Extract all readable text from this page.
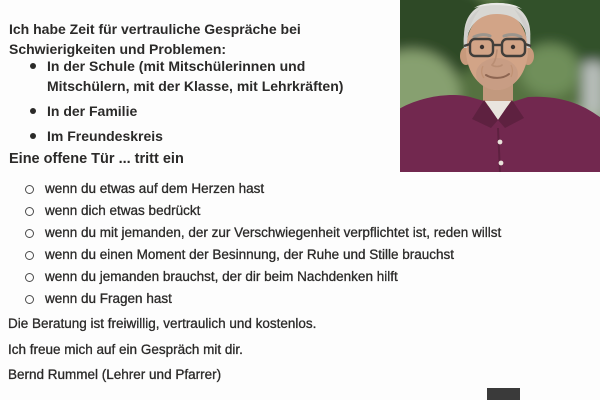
Ich habe Zeit für vertrauliche Gespräche bei Schwierigkeiten und Problemen:

In der Schule (mit Mitschülerinnen und Mitschülern, mit der Klasse, mit Lehrkräften)
In der Familie
Im Freundeskreis
Eine offene Tür ... tritt ein
wenn du etwas auf dem Herzen hast
wenn dich etwas bedrückt
wenn du mit jemanden, der zur Verschwiegenheit verpflichtet ist, reden willst
wenn du einen Moment der Besinnung, der Ruhe und Stille brauchst
wenn du jemanden brauchst, der dir beim Nachdenken hilft
wenn du Fragen hast

Die Beratung ist freiwillig, vertraulich und kostenlos.

Ich freue mich auf ein Gespräch mit dir.

Bernd Rummel (Lehrer und Pfarrer)
